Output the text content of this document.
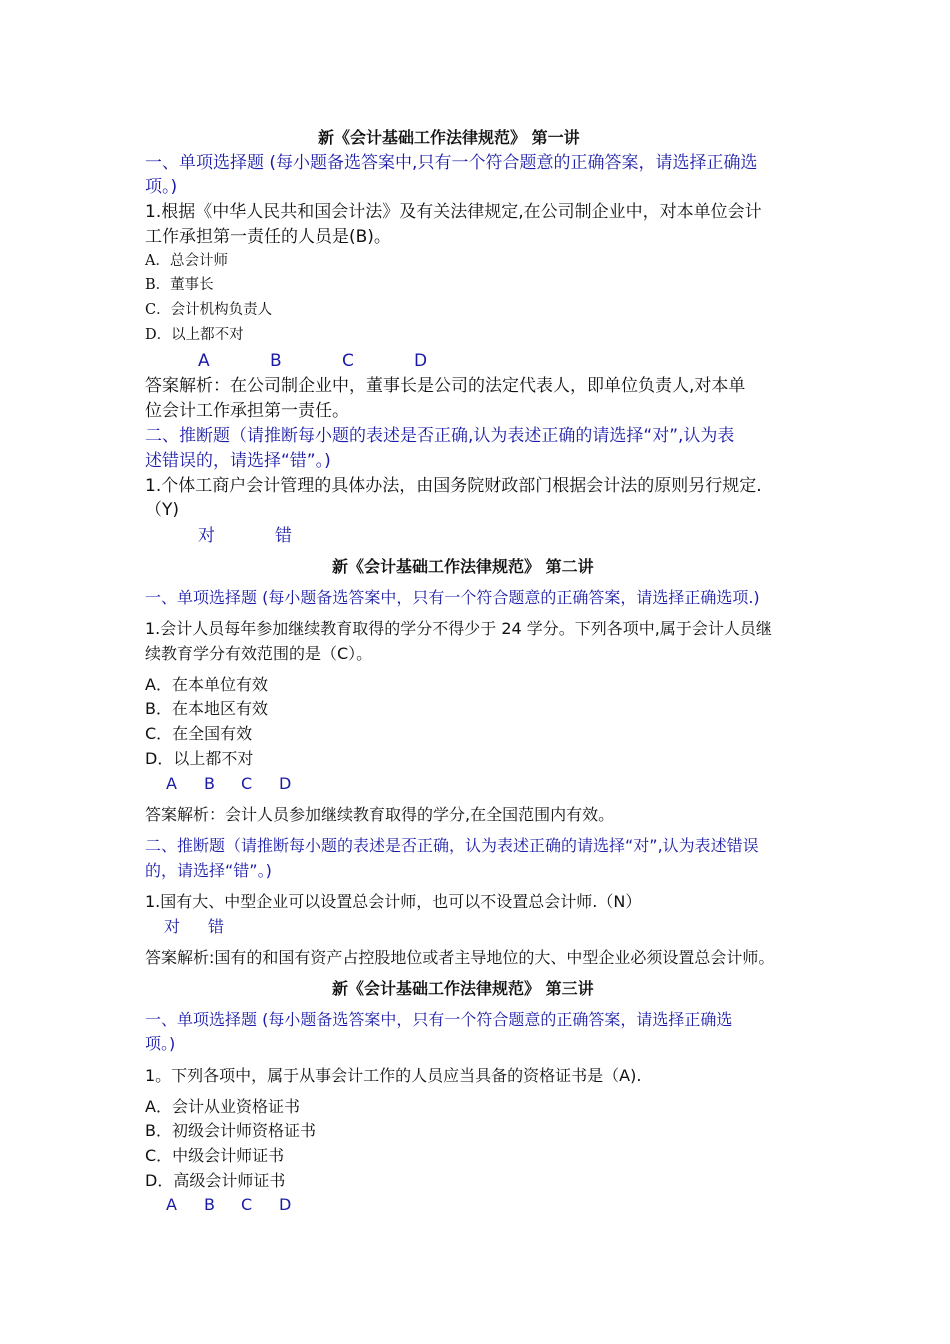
新《会计基础工作法律规范》 第一讲
一、单项选择题 (每小题备选答案中,只有一个符合题意的正确答案，请选择正确选
项。)
1.根据《中华人民共和国会计法》及有关法律规定,在公司制企业中，对本单位会计
工作承担第一责任的人员是(B)。
A．总会计师
B．董事长
C．会计机构负责人
D．以上都不对
A	B	C	D
答案解析：在公司制企业中，董事长是公司的法定代表人，即单位负责人,对本单
位会计工作承担第一责任。
二、推断题（请推断每小题的表述是否正确,认为表述正确的请选择“对”,认为表
述错误的，请选择“错”。)
1.个体工商户会计管理的具体办法，由国务院财政部门根据会计法的原则另行规定.
（Y)
对	错
新《会计基础工作法律规范》 第二讲
一、单项选择题 (每小题备选答案中，只有一个符合题意的正确答案，请选择正确选项.)
1.会计人员每年参加继续教育取得的学分不得少于 24 学分。下列各项中,属于会计人员继
续教育学分有效范围的是（C）。
A．在本单位有效
B．在本地区有效
C．在全国有效
D．以上都不对
A B C D
答案解析：会计人员参加继续教育取得的学分,在全国范围内有效。
二、推断题（请推断每小题的表述是否正确，认为表述正确的请选择“对”,认为表述错误
的，请选择“错”。)
1.国有大、中型企业可以设置总会计师，也可以不设置总会计师.（N）
对 错
答案解析:国有的和国有资产占控股地位或者主导地位的大、中型企业必须设置总会计师。
新《会计基础工作法律规范》 第三讲
一、单项选择题 (每小题备选答案中，只有一个符合题意的正确答案，请选择正确选
项。)
1。下列各项中，属于从事会计工作的人员应当具备的资格证书是（A).
A．会计从业资格证书
B．初级会计师资格证书
C．中级会计师证书
D．高级会计师证书
A B C D
